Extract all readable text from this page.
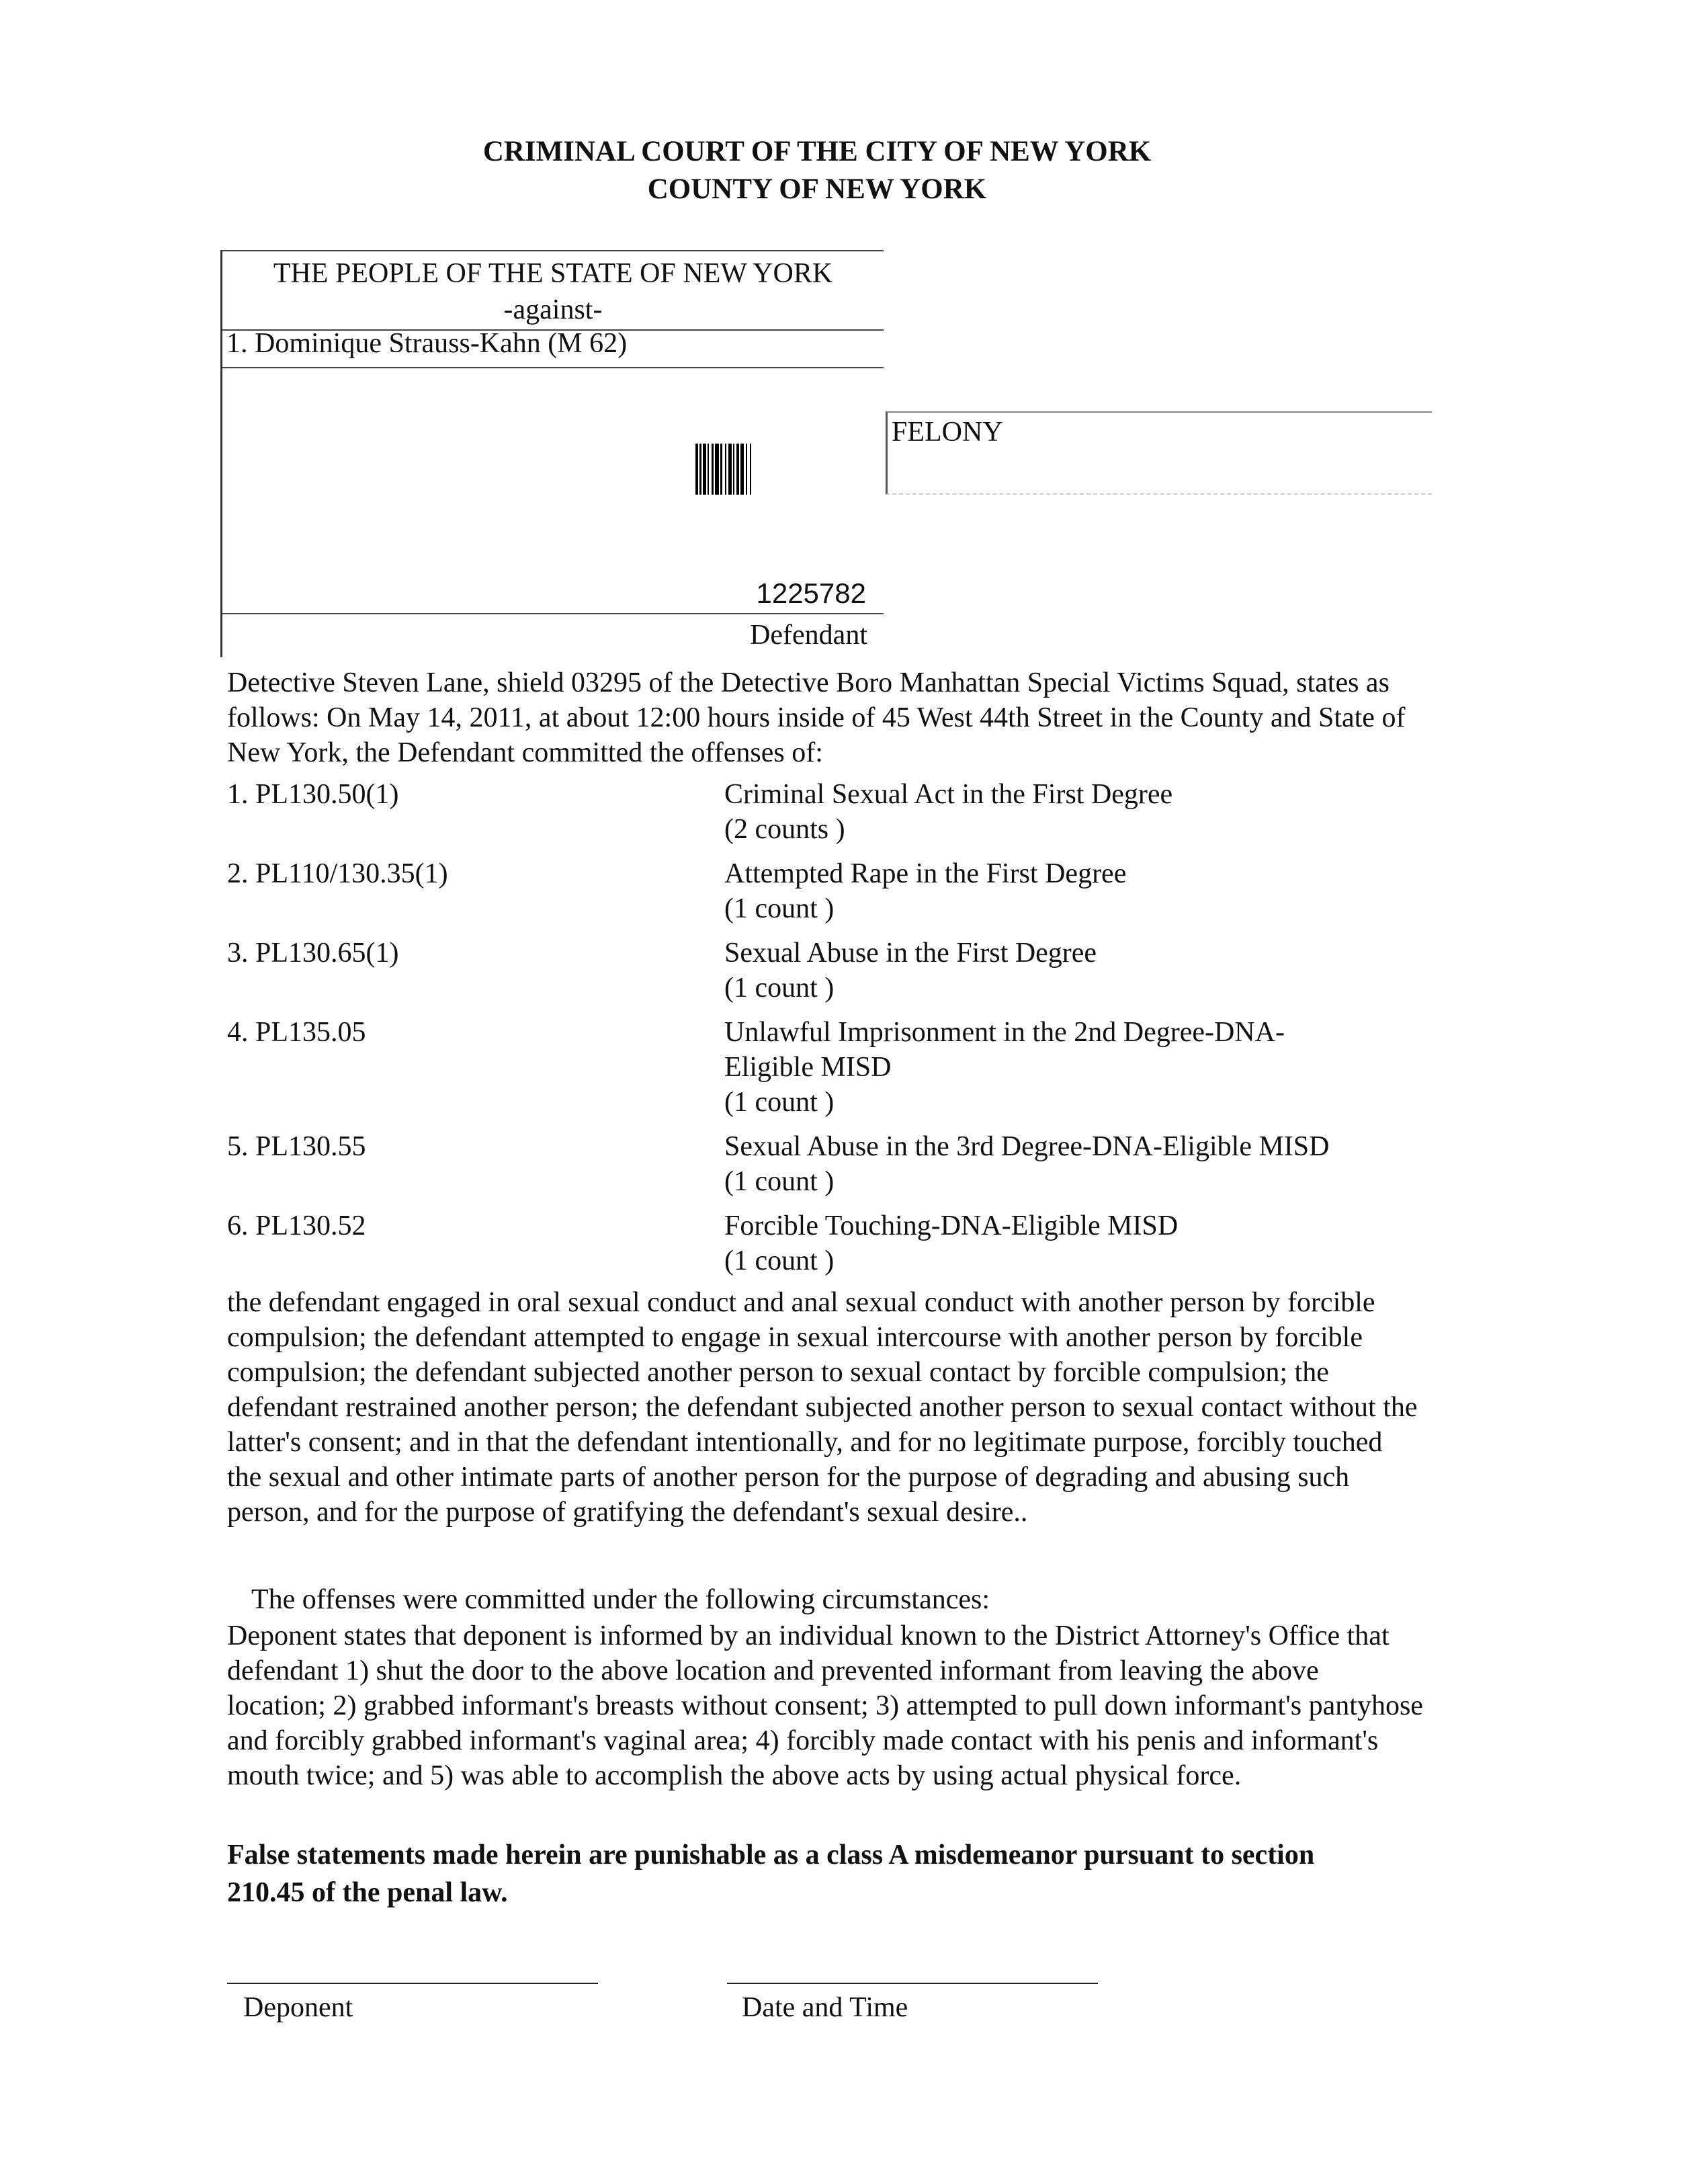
CRIMINAL COURT OF THE CITY OF NEW YORK
COUNTY OF NEW YORK
THE PEOPLE OF THE STATE OF NEW YORK
-against-
1. Dominique Strauss-Kahn (M 62)
1225782
Defendant
FELONY
Detective Steven Lane, shield 03295 of the Detective Boro Manhattan Special Victims Squad, states as follows: On May 14, 2011, at about 12:00 hours inside of 45 West 44th Street in the County and State of New York, the Defendant committed the offenses of:
1. PL130.50(1)	Criminal Sexual Act in the First Degree
(2 counts )
2. PL110/130.35(1)	Attempted Rape in the First Degree
(1 count )
3. PL130.65(1)	Sexual Abuse in the First Degree
(1 count )
4. PL135.05	Unlawful Imprisonment in the 2nd Degree-DNA-Eligible MISD
(1 count )
5. PL130.55	Sexual Abuse in the 3rd Degree-DNA-Eligible MISD
(1 count )
6. PL130.52	Forcible Touching-DNA-Eligible MISD
(1 count )
the defendant engaged in oral sexual conduct and anal sexual conduct with another person by forcible compulsion; the defendant attempted to engage in sexual intercourse with another person by forcible compulsion; the defendant subjected another person to sexual contact by forcible compulsion; the defendant restrained another person; the defendant subjected another person to sexual contact without the latter's consent; and in that the defendant intentionally, and for no legitimate purpose, forcibly touched the sexual and other intimate parts of another person for the purpose of degrading and abusing such person, and for the purpose of gratifying the defendant's sexual desire..
The offenses were committed under the following circumstances:
Deponent states that deponent is informed by an individual known to the District Attorney's Office that defendant 1) shut the door to the above location and prevented informant from leaving the above location; 2) grabbed informant's breasts without consent; 3) attempted to pull down informant's pantyhose and forcibly grabbed informant's vaginal area; 4) forcibly made contact with his penis and informant's mouth twice; and 5) was able to accomplish the above acts by using actual physical force.
False statements made herein are punishable as a class A misdemeanor pursuant to section 210.45 of the penal law.
Deponent	Date and Time
